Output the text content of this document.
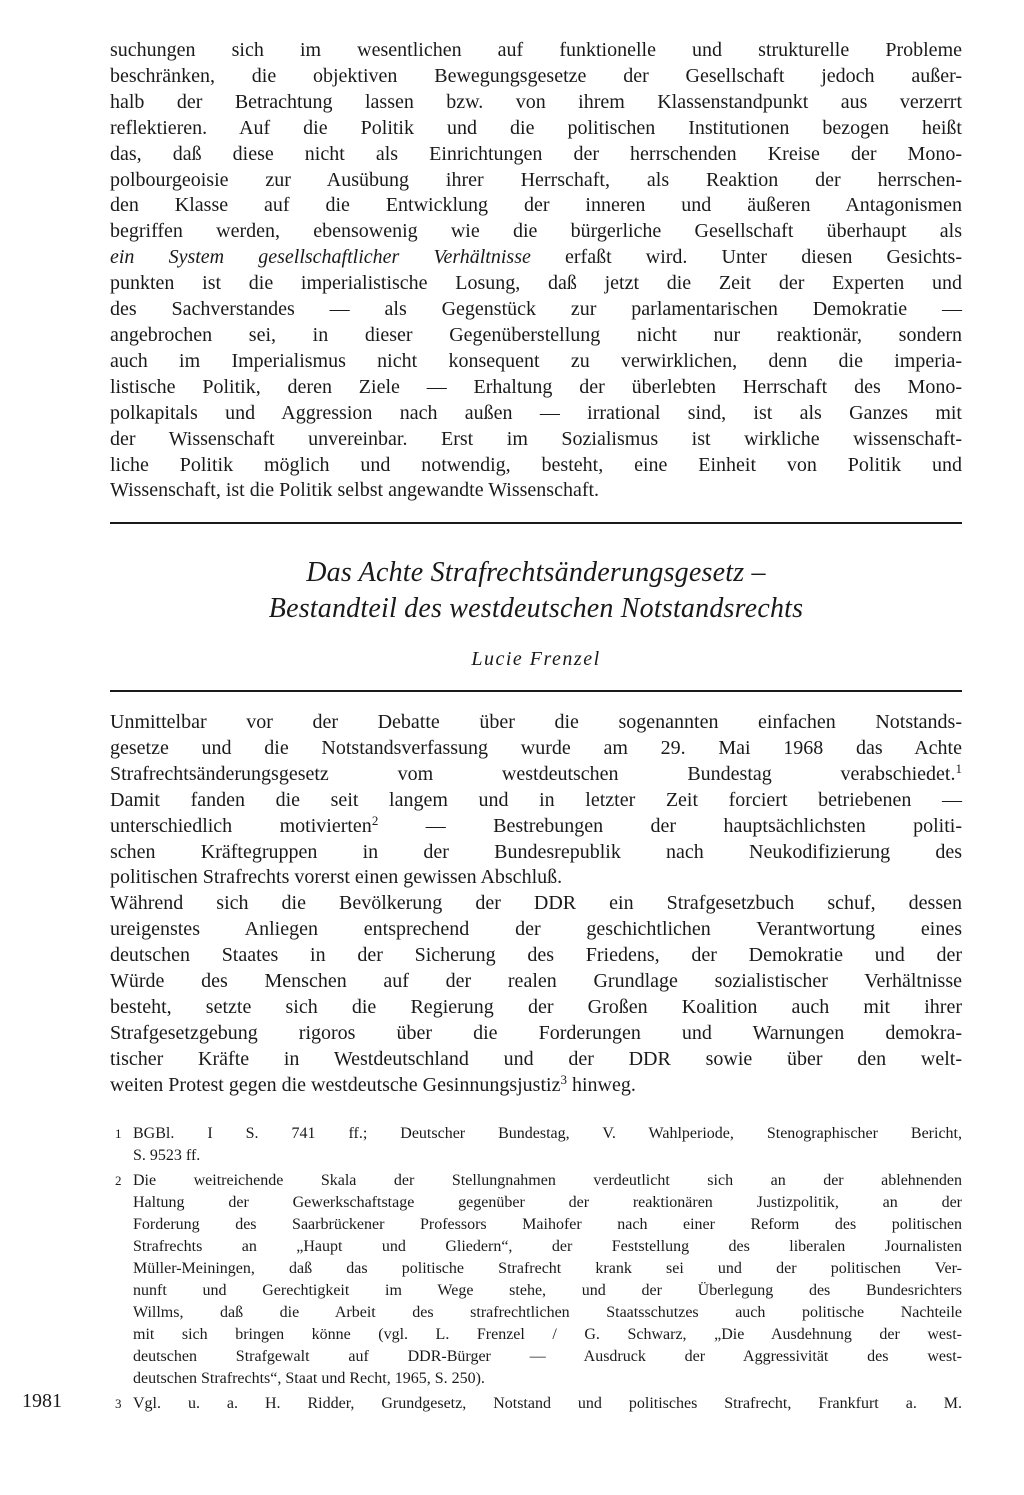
suchungen sich im wesentlichen auf funktionelle und strukturelle Probleme
beschränken, die objektiven Bewegungsgesetze der Gesellschaft jedoch außer-
halb der Betrachtung lassen bzw. von ihrem Klassenstandpunkt aus verzerrt
reflektieren. Auf die Politik und die politischen Institutionen bezogen heißt
das, daß diese nicht als Einrichtungen der herrschenden Kreise der Mono-
polbourgeoisie zur Ausübung ihrer Herrschaft, als Reaktion der herrschen-
den Klasse auf die Entwicklung der inneren und äußeren Antagonismen
begriffen werden, ebensowenig wie die bürgerliche Gesellschaft überhaupt als
ein System gesellschaftlicher Verhältnisse erfaßt wird. Unter diesen Gesichts-
punkten ist die imperialistische Losung, daß jetzt die Zeit der Experten und
des Sachverstandes — als Gegenstück zur parlamentarischen Demokratie —
angebrochen sei, in dieser Gegenüberstellung nicht nur reaktionär, sondern
auch im Imperialismus nicht konsequent zu verwirklichen, denn die imperia-
listische Politik, deren Ziele — Erhaltung der überlebten Herrschaft des Mono-
polkapitals und Aggression nach außen — irrational sind, ist als Ganzes mit
der Wissenschaft unvereinbar. Erst im Sozialismus ist wirkliche wissenschaft-
liche Politik möglich und notwendig, besteht, eine Einheit von Politik und
Wissenschaft, ist die Politik selbst angewandte Wissenschaft.

Das Achte Strafrechtsänderungsgesetz –
Bestandteil des westdeutschen Notstandsrechts
Lucie Frenzel

Unmittelbar vor der Debatte über die sogenannten einfachen Notstands-
gesetze und die Notstandsverfassung wurde am 29. Mai 1968 das Achte
Strafrechtsänderungsgesetz vom westdeutschen Bundestag verabschiedet.$^1$
Damit fanden die seit langem und in letzter Zeit forciert betriebenen —
unterschiedlich motivierten$^2$ — Bestrebungen der hauptsächlichsten politi-
schen Kräftegruppen in der Bundesrepublik nach Neukodifizierung des
politischen Strafrechts vorerst einen gewissen Abschluß.

Während sich die Bevölkerung der DDR ein Strafgesetzbuch schuf, dessen
ureigenstes Anliegen entsprechend der geschichtlichen Verantwortung eines
deutschen Staates in der Sicherung des Friedens, der Demokratie und der
Würde des Menschen auf der realen Grundlage sozialistischer Verhältnisse
besteht, setzte sich die Regierung der Großen Koalition auch mit ihrer
Strafgesetzgebung rigoros über die Forderungen und Warnungen demokra-
tischer Kräfte in Westdeutschland und der DDR sowie über den welt-
weiten Protest gegen die westdeutsche Gesinnungsjustiz$^3$ hinweg.

1 BGBl. I S. 741 ff.; Deutscher Bundestag, V. Wahlperiode, Stenographischer Bericht,
S. 9523 ff.
2 Die weitreichende Skala der Stellungnahmen verdeutlicht sich an der ablehnenden
Haltung der Gewerkschaftstage gegenüber der reaktionären Justizpolitik, an der
Forderung des Saarbrückener Professors Maihofer nach einer Reform des politischen
Strafrechts an „Haupt und Gliedern“, der Feststellung des liberalen Journalisten
Müller-Meiningen, daß das politische Strafrecht krank sei und der politischen Ver-
nunft und Gerechtigkeit im Wege stehe, und der Überlegung des Bundesrichters
Willms, daß die Arbeit des strafrechtlichen Staatsschutzes auch politische Nachteile
mit sich bringen könne (vgl. L. Frenzel / G. Schwarz, „Die Ausdehnung der west-
deutschen Strafgewalt auf DDR-Bürger — Ausdruck der Aggressivität des west-
deutschen Strafrechts“, Staat und Recht, 1965, S. 250).
1981	3 Vgl. u. a. H. Ridder, Grundgesetz, Notstand und politisches Strafrecht, Frankfurt a. M.
